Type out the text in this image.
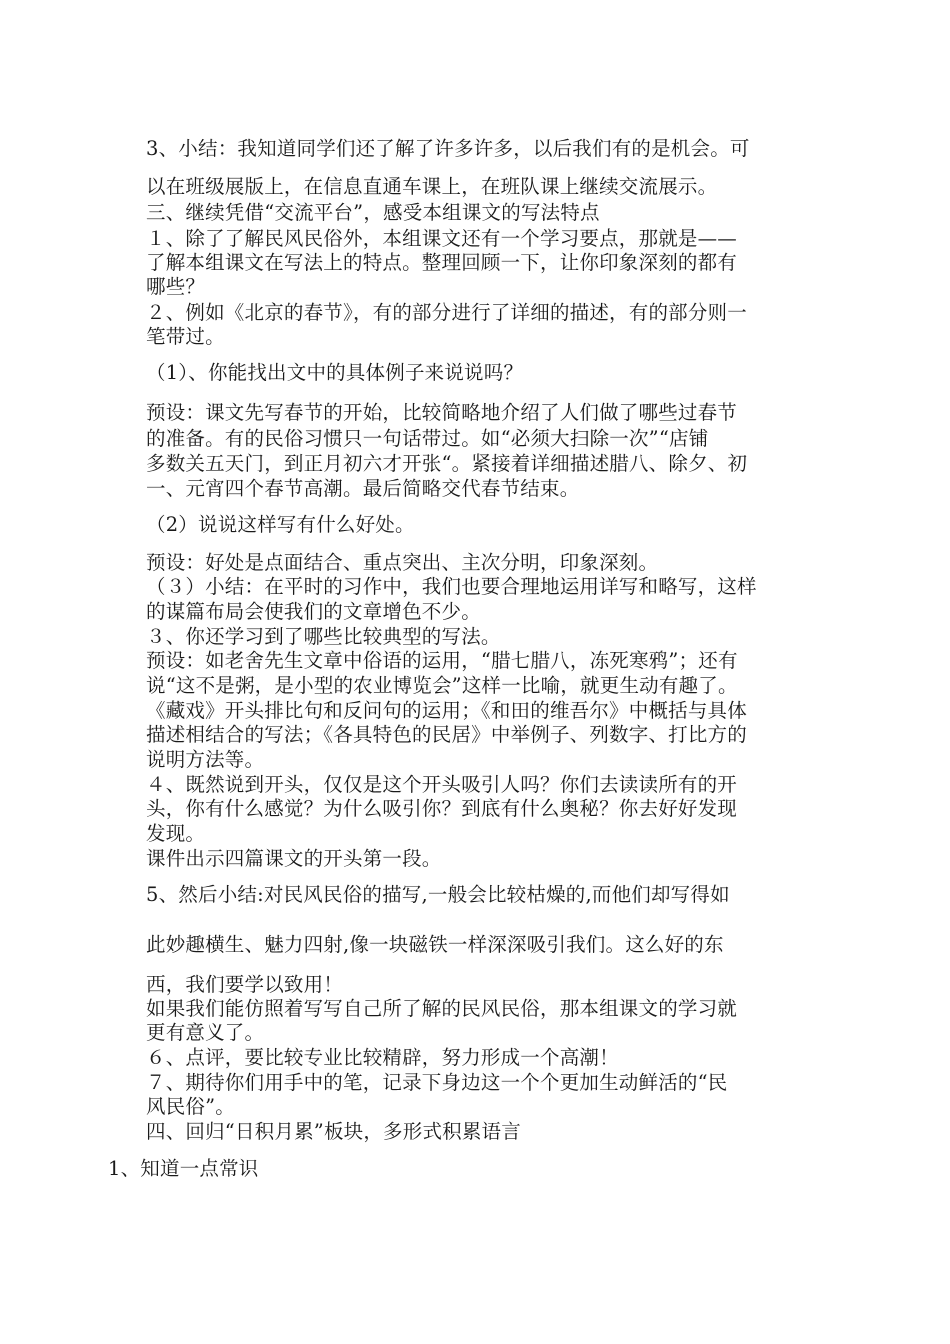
3、小结：我知道同学们还了解了许多许多，以后我们有的是机会。可
以在班级展版上，在信息直通车课上，在班队课上继续交流展示。
三、继续凭借“交流平台”，感受本组课文的写法特点
１、除了了解民风民俗外，本组课文还有一个学习要点，那就是——
了解本组课文在写法上的特点。整理回顾一下，让你印象深刻的都有
哪些？
２、例如《北京的春节》，有的部分进行了详细的描述，有的部分则一
笔带过。
（1）、你能找出文中的具体例子来说说吗？
预设：课文先写春节的开始，比较简略地介绍了人们做了哪些过春节
的准备。有的民俗习惯只一句话带过。如“必须大扫除一次”“店铺
多数关五天门，到正月初六才开张“。紧接着详细描述腊八、除夕、初
一、元宵四个春节高潮。最后简略交代春节结束。
（2）说说这样写有什么好处。
预设：好处是点面结合、重点突出、主次分明，印象深刻。
（３）小结：在平时的习作中，我们也要合理地运用详写和略写，这样
的谋篇布局会使我们的文章增色不少。
３、你还学习到了哪些比较典型的写法。
预设：如老舍先生文章中俗语的运用，“腊七腊八，冻死寒鸦”；还有
说“这不是粥，是小型的农业博览会”这样一比喻，就更生动有趣了。
《藏戏》开头排比句和反问句的运用；《和田的维吾尔》中概括与具体
描述相结合的写法；《各具特色的民居》中举例子、列数字、打比方的
说明方法等。
４、既然说到开头，仅仅是这个开头吸引人吗？你们去读读所有的开
头，你有什么感觉？为什么吸引你？到底有什么奥秘？你去好好发现
发现。
课件出示四篇课文的开头第一段。
5、然后小结:对民风民俗的描写,一般会比较枯燥的,而他们却写得如
此妙趣横生、魅力四射,像一块磁铁一样深深吸引我们。这么好的东
西，我们要学以致用！
如果我们能仿照着写写自己所了解的民风民俗，那本组课文的学习就
更有意义了。
６、点评，要比较专业比较精辟，努力形成一个高潮！
７、期待你们用手中的笔，记录下身边这一个个更加生动鲜活的“民
风民俗”。
四、回归“日积月累”板块，多形式积累语言
1、知道一点常识
